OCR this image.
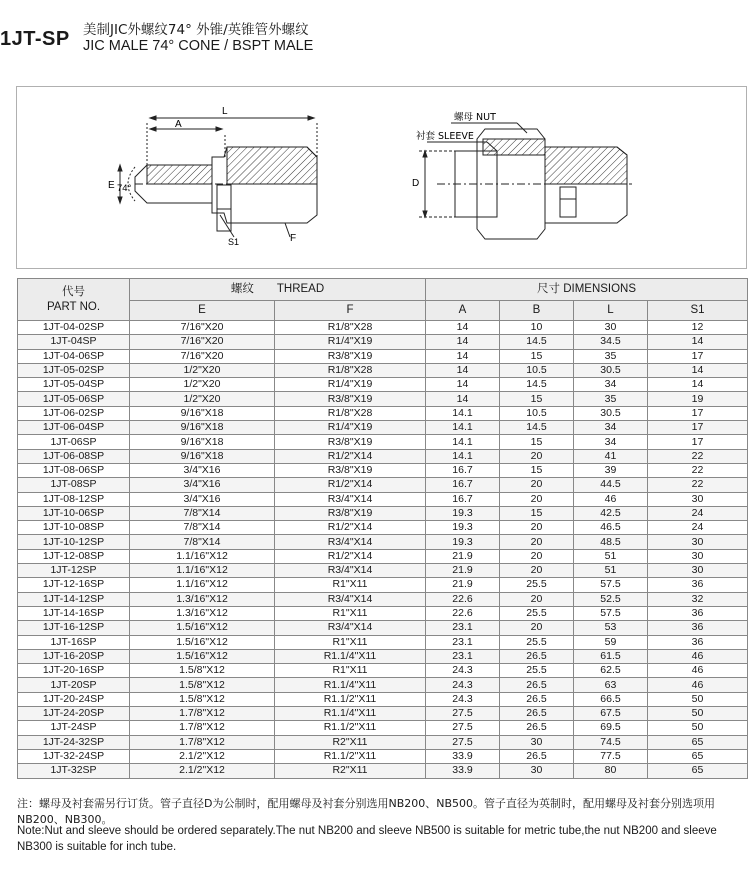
1JT-SP 美制JIC外螺纹74° 外锥/英锥管外螺纹
JIC MALE 74° CONE / BSPT MALE
L
A
E 74°
S1	F
螺母 NUT
衬套 SLEEVE
D
代号
PART NO.	螺纹　　THREAD		尺寸 DIMENSIONS			
	E	F	A	B	L	S1
1JT-04-02SP	7/16"X20	R1/8"X28	14	10	30	12
1JT-04SP	7/16"X20	R1/4"X19	14	14.5	34.5	14
1JT-04-06SP	7/16"X20	R3/8"X19	14	15	35	17
1JT-05-02SP	1/2"X20	R1/8"X28	14	10.5	30.5	14
1JT-05-04SP	1/2"X20	R1/4"X19	14	14.5	34	14
1JT-05-06SP	1/2"X20	R3/8"X19	14	15	35	19
1JT-06-02SP	9/16"X18	R1/8"X28	14.1	10.5	30.5	17
1JT-06-04SP	9/16"X18	R1/4"X19	14.1	14.5	34	17
1JT-06SP	9/16"X18	R3/8"X19	14.1	15	34	17
1JT-06-08SP	9/16"X18	R1/2"X14	14.1	20	41	22
1JT-08-06SP	3/4"X16	R3/8"X19	16.7	15	39	22
1JT-08SP	3/4"X16	R1/2"X14	16.7	20	44.5	22
1JT-08-12SP	3/4"X16	R3/4"X14	16.7	20	46	30
1JT-10-06SP	7/8"X14	R3/8"X19	19.3	15	42.5	24
1JT-10-08SP	7/8"X14	R1/2"X14	19.3	20	46.5	24
1JT-10-12SP	7/8"X14	R3/4"X14	19.3	20	48.5	30
1JT-12-08SP	1.1/16"X12	R1/2"X14	21.9	20	51	30
1JT-12SP	1.1/16"X12	R3/4"X14	21.9	20	51	30
1JT-12-16SP	1.1/16"X12	R1"X11	21.9	25.5	57.5	36
1JT-14-12SP	1.3/16"X12	R3/4"X14	22.6	20	52.5	32
1JT-14-16SP	1.3/16"X12	R1"X11	22.6	25.5	57.5	36
1JT-16-12SP	1.5/16"X12	R3/4"X14	23.1	20	53	36
1JT-16SP	1.5/16"X12	R1"X11	23.1	25.5	59	36
1JT-16-20SP	1.5/16"X12	R1.1/4"X11	23.1	26.5	61.5	46
1JT-20-16SP	1.5/8"X12	R1"X11	24.3	25.5	62.5	46
1JT-20SP	1.5/8"X12	R1.1/4"X11	24.3	26.5	63	46
1JT-20-24SP	1.5/8"X12	R1.1/2"X11	24.3	26.5	66.5	50
1JT-24-20SP	1.7/8"X12	R1.1/4"X11	27.5	26.5	67.5	50
1JT-24SP	1.7/8"X12	R1.1/2"X11	27.5	26.5	69.5	50
1JT-24-32SP	1.7/8"X12	R2"X11	27.5	30	74.5	65
1JT-32-24SP	2.1/2"X12	R1.1/2"X11	33.9	26.5	77.5	65
1JT-32SP	2.1/2"X12	R2"X11	33.9	30	80	65
注：螺母及衬套需另行订货。管子直径D为公制时，配用螺母及衬套分别选用NB200、NB500。管子直径为英制时，配用螺母及衬套分别选项用NB200、NB300。
Note:Nut and sleeve should be ordered separately.The nut NB200 and sleeve NB500 is suitable for metric tube,the nut NB200 and sleeve NB300 is suitable for inch tube.
